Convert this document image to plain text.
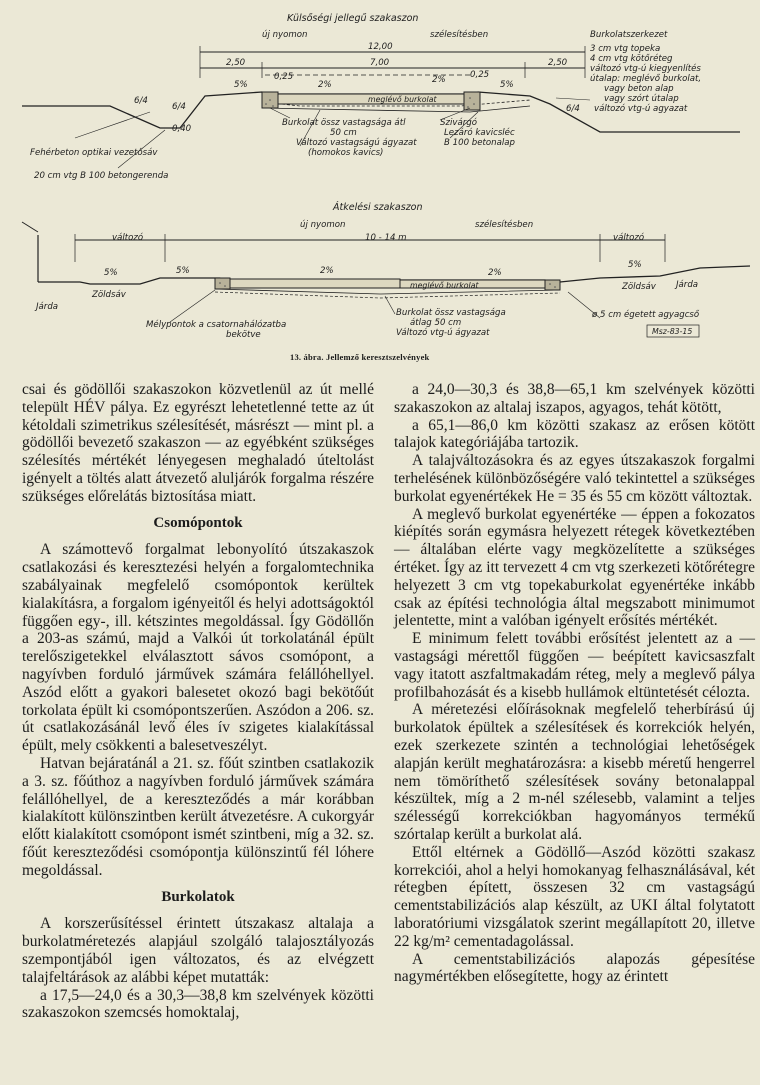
Külsőségi jellegű szakaszon
új nyomon	szélesítésben
12,00
2,50	7,00	2,50
5%
0,25
2%	2%	0,25
5%
6/4
6/4	6/4
0,40
meglévő burkolat
Burkolatszerkezet
3 cm vtg topeka
4 cm vtg kötőréteg
változó vtg-ú kiegyenlítés
útalap: meglévő burkolat,
vagy beton alap
vagy szórt útalap
változó vtg-ú agyazat
Fehérbeton optikai vezetősáv
20 cm vtg B 100 betongerenda
Burkolat össz vastagsága átl
50 cm
Változó vastagságú ágyazat
(homokos kavics)
Szivárgó
Lezáró kavicsléc
B 100 betonalap
Átkelési szakaszon
új nyomon	szélesítésben
változó	10 - 14 m	változó
5%	5%	2%	2%
5%
meglévő burkolat
Járda
Zöldsáv
Zöldsáv Járda
Mélypontok a csatornahálózatba
bekötve
Burkolat össz vastagsága
átlag 50 cm
Változó vtg-ú ágyazat
ø 5 cm égetett agyagcső
Msz-83-15
13. ábra. Jellemző keresztszelvények

csai és gödöllői szakaszokon közvetlenül az út mellé települt HÉV pálya. Ez egyrészt lehetetlenné tette az út kétoldali szimetrikus szélesítését, másrészt — mint pl. a gödöllői bevezető szakaszon — az egyébként szükséges szélesítés mértékét lényegesen meghaladó úteltolást igényelt a töltés alatt átvezető aluljárók forgalma részére szükséges előrelátás biztosítása miatt.

Csomópontok

A számottevő forgalmat lebonyolító útszakaszok csatlakozási és keresztezési helyén a forgalomtechnika szabályainak megfelelő csomópontok kerültek kialakításra, a forgalom igényeitől és helyi adottságoktól függően egy-, ill. kétszintes megoldással. Így Gödöllőn a 203-as számú, majd a Valkói út torkolatánál épült terelőszigetekkel elválasztott sávos csomópont, a nagyívben forduló járművek számára felállóhellyel. Aszód előtt a gyakori balesetet okozó bagi bekötőút torkolata épült ki csomópontszerűen. Aszódon a 206. sz. út csatlakozásánál levő éles ív szigetes kialakítással épült, mely csökkenti a balesetveszélyt.

Hatvan bejáratánál a 21. sz. főút szintben csatlakozik a 3. sz. főúthoz a nagyívben forduló járművek számára felállóhellyel, de a kereszteződés a már korábban kialakított különszintben került átvezetésre. A cukorgyár előtt kialakított csomópont ismét szintbeni, míg a 32. sz. főút kereszteződési csomópontja különszintű fél lóhere megoldással.

Burkolatok

A korszerűsítéssel érintett útszakasz altalaja a burkolatméretezés alapjául szolgáló talajosztályozás szempontjából igen változatos, és az elvégzett talajfeltárások az alábbi képet mutatták:

a 17,5—24,0 és a 30,3—38,8 km szelvények közötti szakaszokon szemcsés homoktalaj,

a 24,0—30,3 és 38,8—65,1 km szelvények közötti szakaszokon az altalaj iszapos, agyagos, tehát kötött,

a 65,1—86,0 km közötti szakasz az erősen kötött talajok kategóriájába tartozik.

A talajváltozásokra és az egyes útszakaszok forgalmi terhelésének különbözőségére való tekintettel a szükséges burkolat egyenértékek He = 35 és 55 cm között változtak.

A meglevő burkolat egyenértéke — éppen a fokozatos kiépítés során egymásra helyezett rétegek következtében — általában elérte vagy megközelítette a szükséges értéket. Így az itt tervezett 4 cm vtg szerkezeti kötőrétegre helyezett 3 cm vtg topekaburkolat egyenértéke inkább csak az építési technológia által megszabott minimumot jelentette, mint a valóban igényelt erősítés mértékét.

E minimum felett további erősítést jelentett az a — vastagsági mérettől függően — beépített kavicsaszfalt vagy itatott aszfaltmakadám réteg, mely a meglevő pálya profilbahozását és a kisebb hullámok eltüntetését célozta.

A méretezési előírásoknak megfelelő teherbírású új burkolatok épültek a szélesítések és korrekciók helyén, ezek szerkezete szintén a technológiai lehetőségek alapján került meghatározásra: a kisebb méretű hengerrel nem tömöríthető szélesítések sovány betonalappal készültek, míg a 2 m-nél szélesebb, valamint a teljes szélességű korrekciókban hagyományos termékű szórtalap került a burkolat alá.

Ettől eltérnek a Gödöllő—Aszód közötti szakasz korrekciói, ahol a helyi homokanyag felhasználásával, két rétegben épített, összesen 32 cm vastagságú cementstabilizációs alap készült, az UKI által folytatott laboratóriumi vizsgálatok szerint megállapított 20, illetve 22 kg/m² cementadagolással.

A cementstabilizációs alapozás gépesítése nagymértékben elősegítette, hogy az érintett
